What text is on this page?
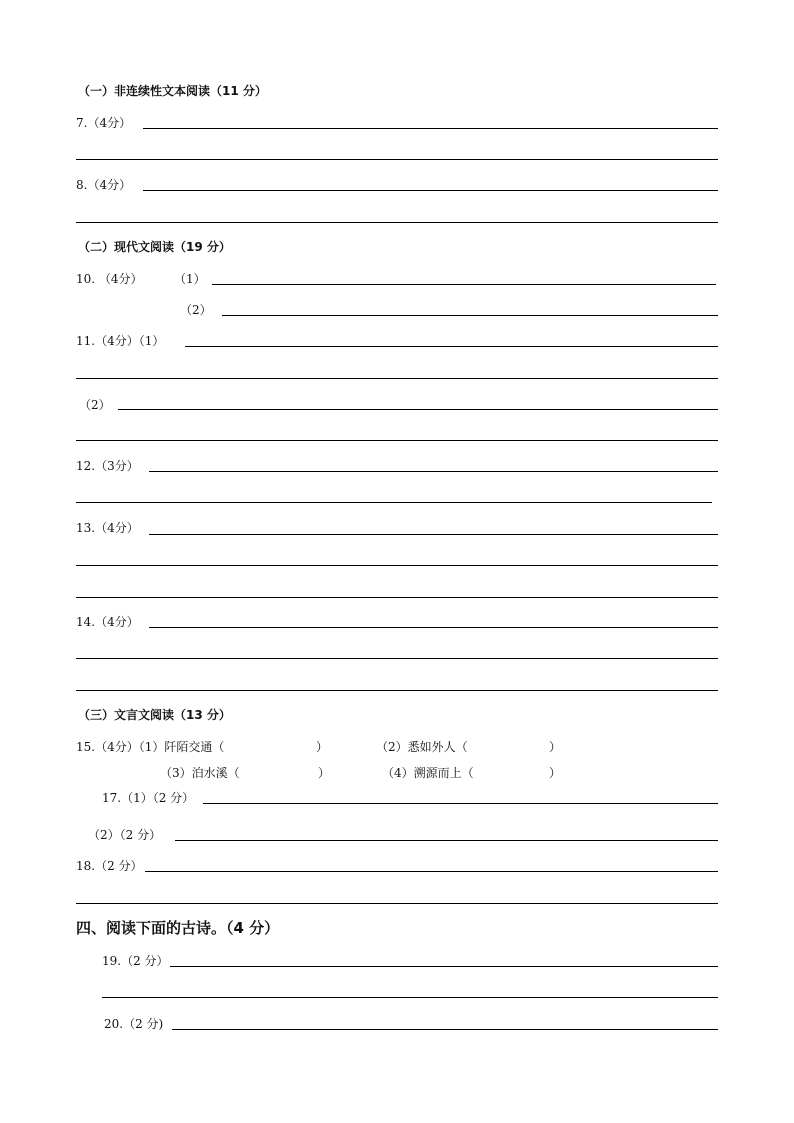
（一）非连续性文本阅读（11 分）
7.（4分）
8.（4分）
（二）现代文阅读（19 分）
10. （4分）	（1）
（2）
11.（4分）（1）
（2）
12.（3分）
13.（4分）
14.（4分）
（三）文言文阅读（13 分）
15.（4分）（1）阡陌交通（	）	（2）悉如外人（	）
（3）泊水溪（	）	（4）溯源而上（	）
17.（1）（2 分）
（2）（2 分）
18.（2 分）
四、阅读下面的古诗。（4 分）
19.（2 分）
20.（2 分)
